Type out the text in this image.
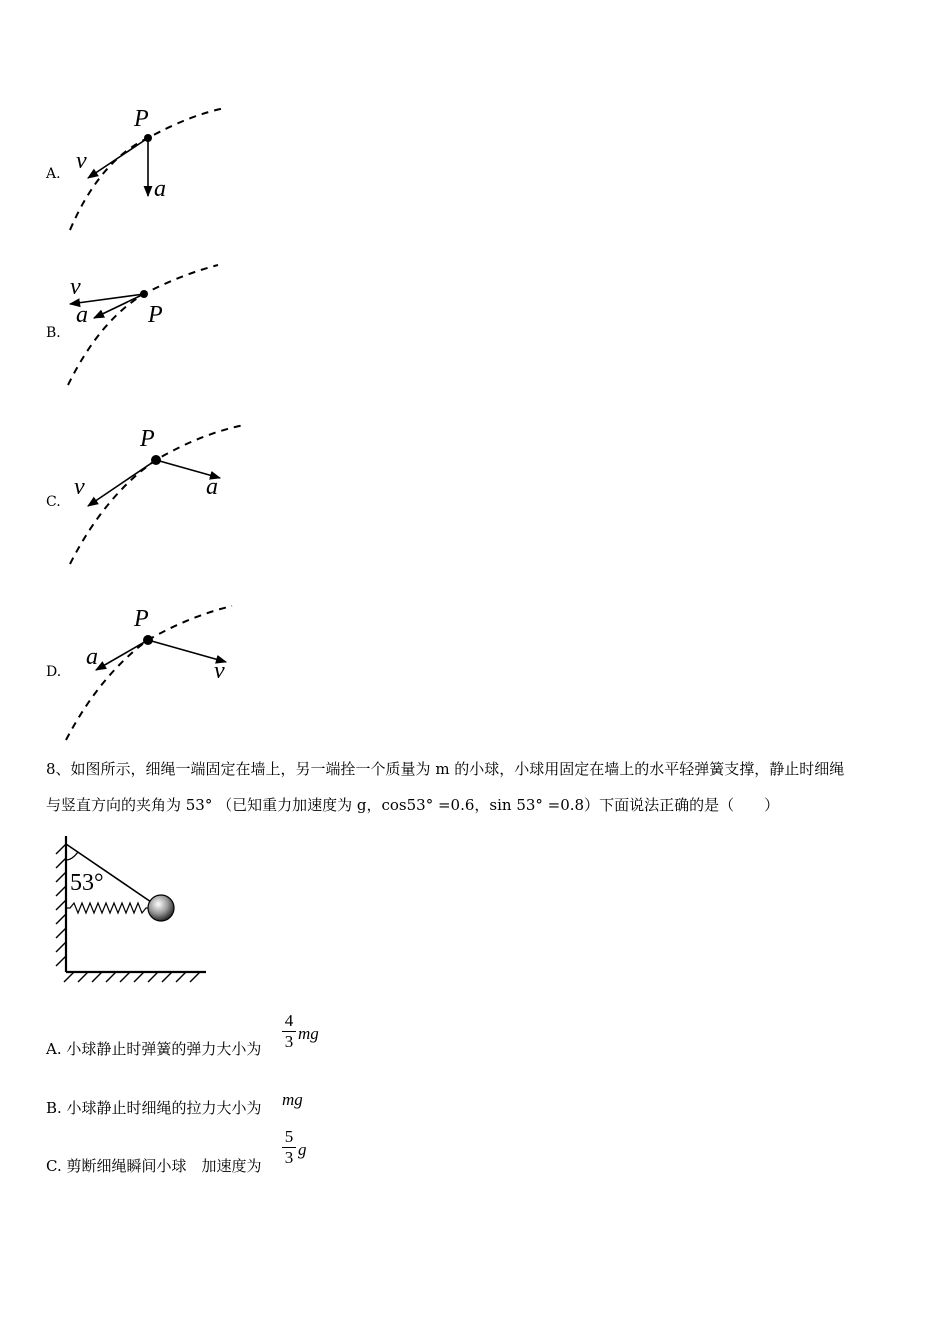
A.
P
v
a
B.
v
a	P
C.
P
v	a
D.
P
a
v
8、如图所示，细绳一端固定在墙上，另一端拴一个质量为 m 的小球，小球用固定在墙上的水平轻弹簧支撑，静止时细绳
与竖直方向的夹角为 53° （已知重力加速度为 g，cos53° =0.6，sin 53° =0.8）下面说法正确的是（　　）
53°
A. 小球静止时弹簧的弹力大小为
4
3 mg
B. 小球静止时细绳的拉力大小为 mg
C. 剪断细绳瞬间小球　加速度为
5
3 g
